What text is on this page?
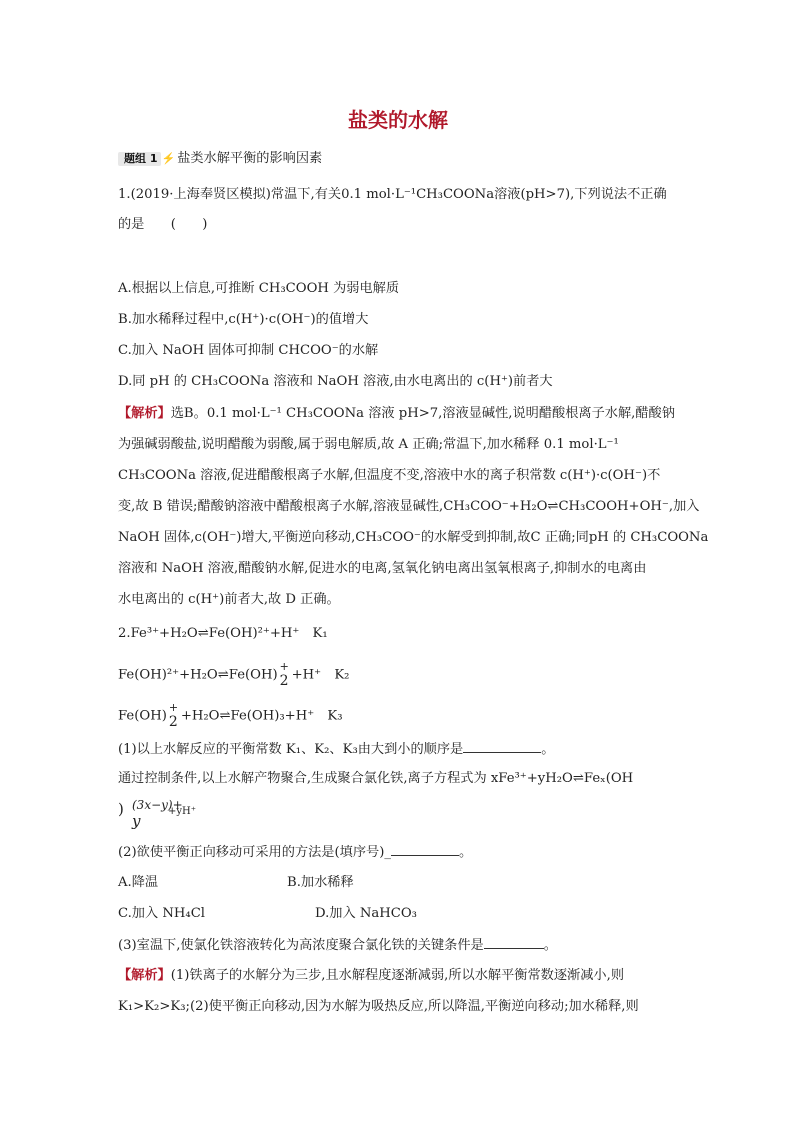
盐类的水解
题组 1 ⚡ 盐类水解平衡的影响因素
1.(2019·上海奉贤区模拟)常温下,有关0.1 mol·L⁻¹CH₃COONa溶液(pH>7),下列说法不正确
的是　　(　　)
A.根据以上信息,可推断 CH₃COOH 为弱电解质
B.加水稀释过程中,c(H⁺)·c(OH⁻)的值增大
C.加入 NaOH 固体可抑制 CHCOO⁻的水解
D.同 pH 的 CH₃COONa 溶液和 NaOH 溶液,由水电离出的 c(H⁺)前者大
【解析】选B。0.1 mol·L⁻¹ CH₃COONa 溶液 pH>7,溶液显碱性,说明醋酸根离子水解,醋酸钠
为强碱弱酸盐,说明醋酸为弱酸,属于弱电解质,故 A 正确;常温下,加水稀释 0.1 mol·L⁻¹
CH₃COONa 溶液,促进醋酸根离子水解,但温度不变,溶液中水的离子积常数 c(H⁺)·c(OH⁻)不
变,故 B 错误;醋酸钠溶液中醋酸根离子水解,溶液显碱性,CH₃COO⁻+H₂O⇌CH₃COOH+OH⁻,加入
NaOH 固体,c(OH⁻)增大,平衡逆向移动,CH₃COO⁻的水解受到抑制,故C 正确;同pH 的 CH₃COONa
溶液和 NaOH 溶液,醋酸钠水解,促进水的电离,氢氧化钠电离出氢氧根离子,抑制水的电离由
水电离出的 c(H⁺)前者大,故 D 正确。
2.Fe³⁺+H₂O⇌Fe(OH)²⁺+H⁺　K₁
Fe(OH)²⁺+H₂O⇌Fe(OH)
+
2 +H⁺　K₂
Fe(OH)
+
2 +H₂O⇌Fe(OH)₃+H⁺　K₃
(1)以上水解反应的平衡常数 K₁、K₂、K₃由大到小的顺序是	。
通过控制条件,以上水解产物聚合,生成聚合氯化铁,离子方程式为 xFe³⁺+yH₂O⇌Feₓ(OH
) (3x−y)+
y
+yH⁺
(2)欲使平衡正向移动可采用的方法是(填序号)_	。
A.降温	B.加水稀释
C.加入 NH₄Cl	D.加入 NaHCO₃
(3)室温下,使氯化铁溶液转化为高浓度聚合氯化铁的关键条件是	。
【解析】(1)铁离子的水解分为三步,且水解程度逐渐减弱,所以水解平衡常数逐渐减小,则
K₁>K₂>K₃;(2)使平衡正向移动,因为水解为吸热反应,所以降温,平衡逆向移动;加水稀释,则
